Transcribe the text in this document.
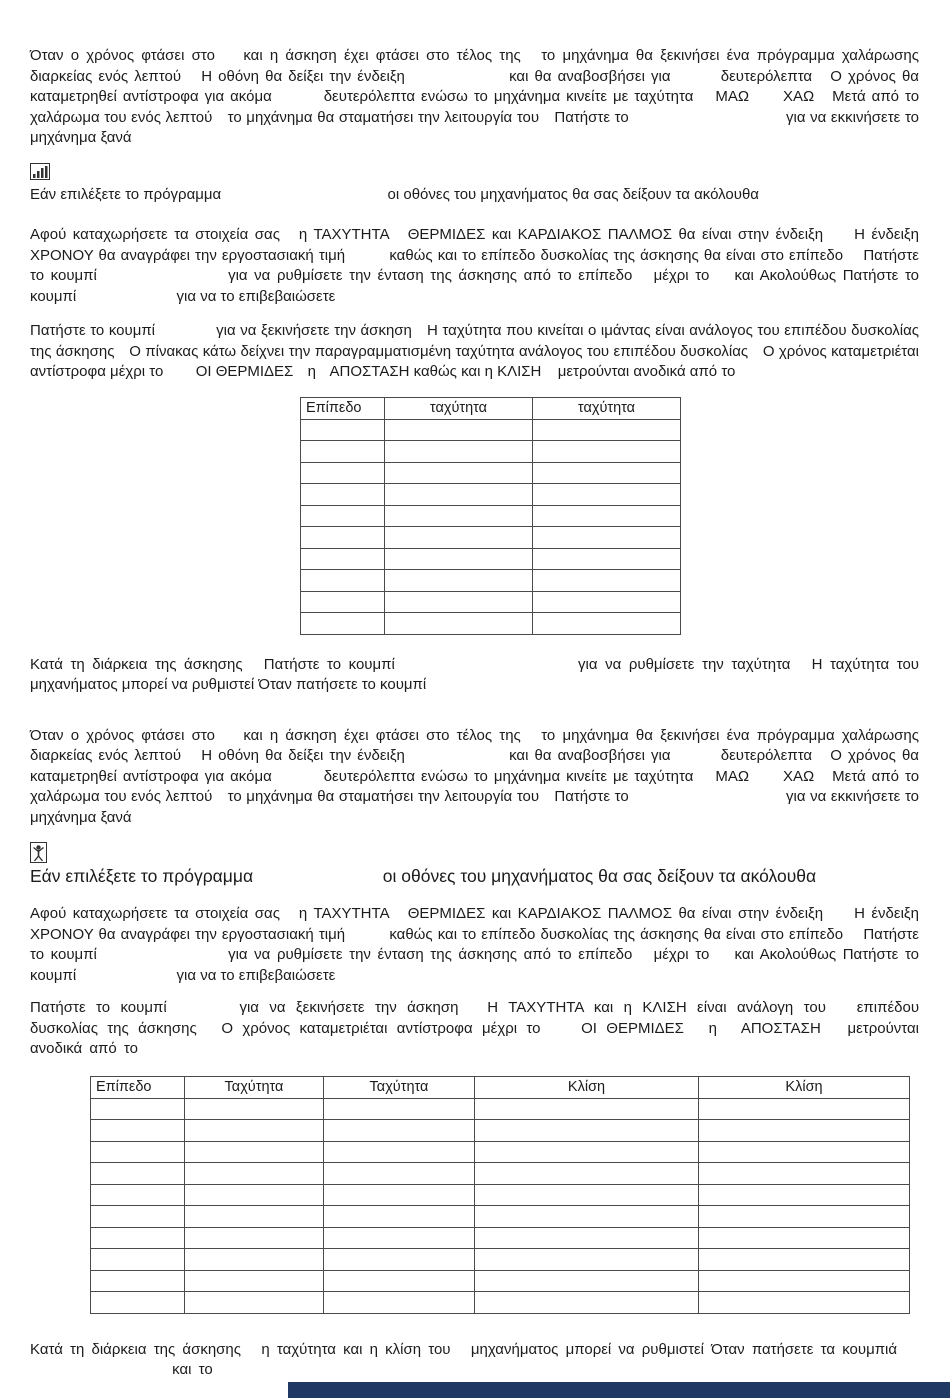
Όταν ο χρόνος φτάσει στο  και η άσκηση έχει φτάσει στο τέλος της  το μηχάνημα θα ξεκινήσει ένα πρόγραμμα χαλάρωσης διαρκείας ενός λεπτού  Η οθόνη θα δείξει την ένδειξη	και θα αναβοσβήσει για	δευτερόλεπτα  Ο χρόνος θα καταμετρηθεί αντίστροφα για ακόμα	δευτερόλεπτα ενώσω το μηχάνημα κινείτε με ταχύτητα  ΜΑΩ  ΧΑΩ  Μετά από το χαλάρωμα του ενός λεπτού  το μηχάνημα θα σταματήσει την λειτουργία του  Πατήστε το	για να εκκινήσετε το μηχάνημα ξανά

Εάν επιλέξετε το πρόγραμμα	οι οθόνες του μηχανήματος θα σας δείξουν τα ακόλουθα

Αφού καταχωρήσετε τα στοιχεία σας  η ΤΑΧΥΤΗΤΑ  ΘΕΡΜΙΔΕΣ και ΚΑΡΔΙΑΚΟΣ ΠΑΛΜΟΣ θα είναι στην ένδειξη  Η ένδειξη ΧΡΟΝΟΥ θα αναγράφει την εργοστασιακή τιμή	καθώς και το επίπεδο δυσκολίας της άσκησης θα είναι στο επίπεδο  Πατήστε το κουμπί	για να ρυθμίσετε την ένταση της άσκησης από το επίπεδο  μέχρι το  και Ακολούθως Πατήστε το κουμπί	για να το επιβεβαιώσετε

Πατήστε το κουμπί	για να ξεκινήσετε την άσκηση  Η ταχύτητα που κινείται ο ιμάντας είναι ανάλογος του επιπέδου δυσκολίας της άσκησης  Ο πίνακας κάτω δείχνει την παραγραμματισμένη ταχύτητα ανάλογος του επιπέδου δυσκολίας  Ο χρόνος καταμετριέται αντίστροφα μέχρι το  ΟΙ ΘΕΡΜΙΔΕΣ  η  ΑΠΟΣΤΑΣΗ καθώς και η ΚΛΙΣΗ  μετρούνται ανοδικά από το

Επίπεδο	ταχύτητα	ταχύτητα

Κατά τη διάρκεια της άσκησης  Πατήστε το κουμπί	για να ρυθμίσετε την ταχύτητα  Η ταχύτητα του μηχανήματος μπορεί να ρυθμιστεί Όταν πατήσετε το κουμπί

Όταν ο χρόνος φτάσει στο  και η άσκηση έχει φτάσει στο τέλος της  το μηχάνημα θα ξεκινήσει ένα πρόγραμμα χαλάρωσης διαρκείας ενός λεπτού  Η οθόνη θα δείξει την ένδειξη	και θα αναβοσβήσει για	δευτερόλεπτα  Ο χρόνος θα καταμετρηθεί αντίστροφα για ακόμα	δευτερόλεπτα ενώσω το μηχάνημα κινείτε με ταχύτητα  ΜΑΩ  ΧΑΩ  Μετά από το χαλάρωμα του ενός λεπτού  το μηχάνημα θα σταματήσει την λειτουργία του  Πατήστε το	για να εκκινήσετε το μηχάνημα ξανά

Εάν επιλέξετε το πρόγραμμα	οι οθόνες του μηχανήματος θα σας δείξουν τα ακόλουθα

Αφού καταχωρήσετε τα στοιχεία σας  η ΤΑΧΥΤΗΤΑ  ΘΕΡΜΙΔΕΣ και ΚΑΡΔΙΑΚΟΣ ΠΑΛΜΟΣ θα είναι στην ένδειξη  Η ένδειξη ΧΡΟΝΟΥ θα αναγράφει την εργοστασιακή τιμή	καθώς και το επίπεδο δυσκολίας της άσκησης θα είναι στο επίπεδο  Πατήστε το κουμπί	για να ρυθμίσετε την ένταση της άσκησης από το επίπεδο  μέχρι το  και Ακολούθως Πατήστε το κουμπί	για να το επιβεβαιώσετε

Πατήστε το κουμπί	για να ξεκινήσετε την άσκηση  Η ΤΑΧΥΤΗΤΑ και η ΚΛΙΣΗ είναι ανάλογη του  επιπέδου δυσκολίας της άσκησης  Ο χρόνος καταμετριέται αντίστροφα μέχρι το  ΟΙ ΘΕΡΜΙΔΕΣ  η  ΑΠΟΣΤΑΣΗ  μετρούνται ανοδικά από το

Επίπεδο	Ταχύτητα	Ταχύτητα	Κλίση	Κλίση

Κατά τη διάρκεια της άσκησης  η ταχύτητα και η κλίση του  μηχανήματος μπορεί να ρυθμιστεί Όταν πατήσετε τα κουμπιά
και το
